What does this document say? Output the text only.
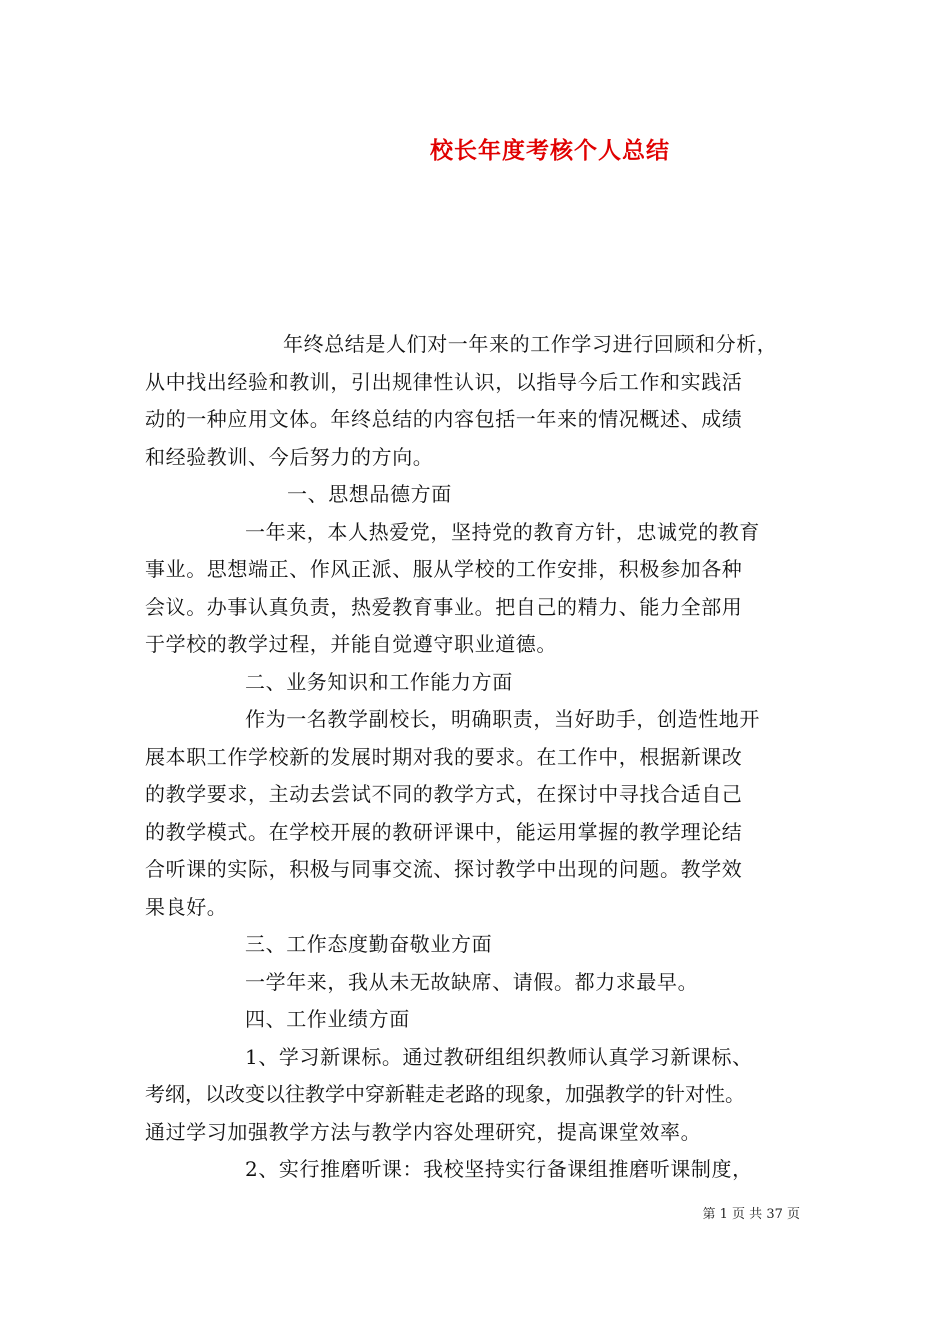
校长年度考核个人总结
年终总结是人们对一年来的工作学习进行回顾和分析，
从中找出经验和教训，引出规律性认识，以指导今后工作和实践活
动的一种应用文体。年终总结的内容包括一年来的情况概述、成绩
和经验教训、今后努力的方向。
一、思想品德方面
一年来，本人热爱党，坚持党的教育方针，忠诚党的教育
事业。思想端正、作风正派、服从学校的工作安排，积极参加各种
会议。办事认真负责，热爱教育事业。把自己的精力、能力全部用
于学校的教学过程，并能自觉遵守职业道德。
二、业务知识和工作能力方面
作为一名教学副校长，明确职责，当好助手，创造性地开
展本职工作学校新的发展时期对我的要求。在工作中，根据新课改
的教学要求，主动去尝试不同的教学方式，在探讨中寻找合适自己
的教学模式。在学校开展的教研评课中，能运用掌握的教学理论结
合听课的实际，积极与同事交流、探讨教学中出现的问题。教学效
果良好。
三、工作态度勤奋敬业方面
一学年来，我从未无故缺席、请假。都力求最早。
四、工作业绩方面
1、学习新课标。通过教研组组织教师认真学习新课标、
考纲，以改变以往教学中穿新鞋走老路的现象，加强教学的针对性。
通过学习加强教学方法与教学内容处理研究，提高课堂效率。
2、实行推磨听课：我校坚持实行备课组推磨听课制度，
第 1 页 共 37 页
